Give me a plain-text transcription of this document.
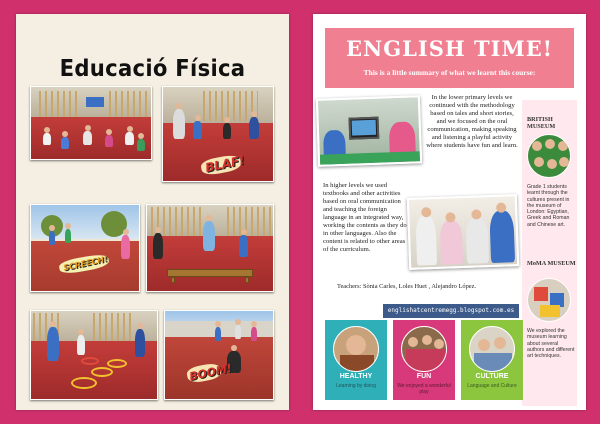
Educació Física
BLAF!
SCREECH!
BOOM!
ENGLISH TIME!
This is a little summary of what we learnt this course:
In the lower primary levels we continued with the methodology based on tales and short stories, and we focused on the oral communication, making speaking and listening a playful activity where students have fun and learn.
In higher levels we used textbooks and other activities based on oral communication and teaching the foreign language in an integrated way, working the contents as they do in other languages. Also the content is related to other areas of the curriculum.
Teachers: Sònia Carles, Loles Huet , Alejandro López.
englishatcentremegg.blogspot.com.es
BRITISH MUSEUM
Grade 1 students learnt through the cultures present in the museum of London: Egyptian, Greek and Roman and Chinese art.
MoMA MUSEUM
We explored the museum learning about several authors and different art techniques.
HEALTHY
Learning by doing
FUN
We enjoyed a wonderful play
CULTURE
Language and Culture
